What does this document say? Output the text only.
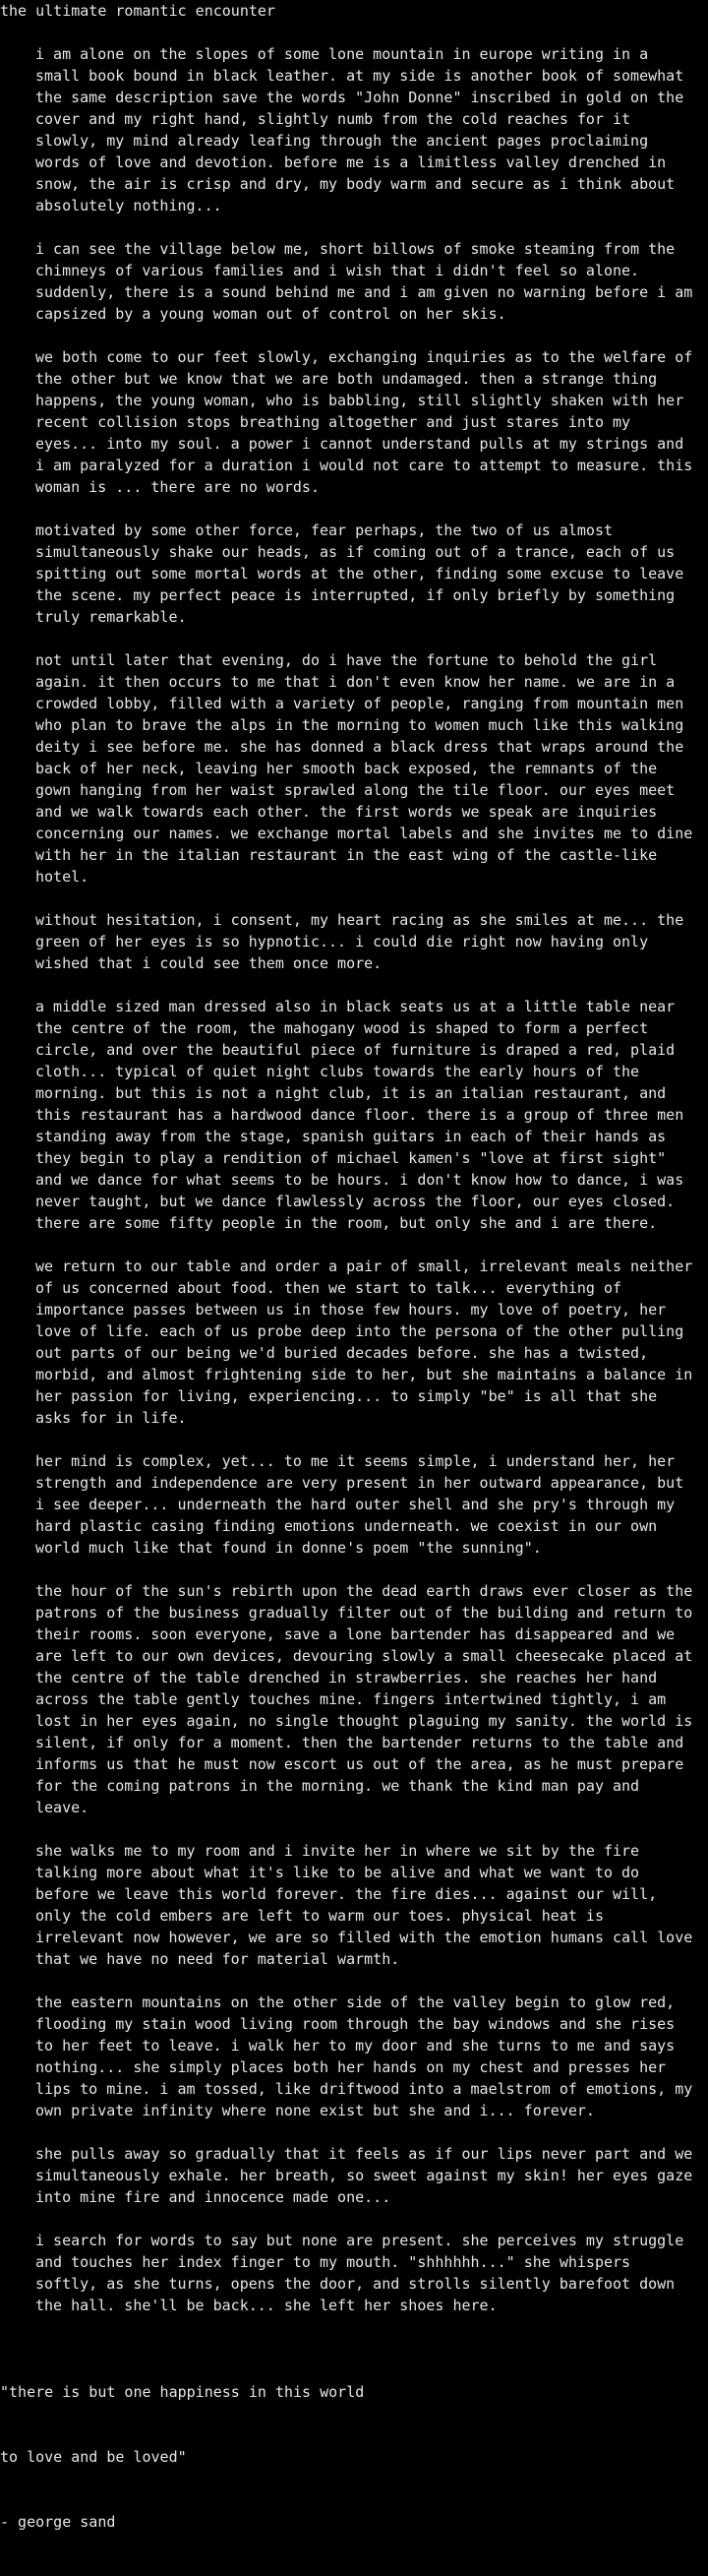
the ultimate romantic encounter

i am alone on the slopes of some lone mountain in europe writing in a small book bound in black leather. at my side is another book of somewhat the same description save the words "John Donne" inscribed in gold on the cover and my right hand, slightly numb from the cold reaches for it slowly, my mind already leafing through the ancient pages proclaiming words of love and devotion. before me is a limitless valley drenched in snow, the air is crisp and dry, my body warm and secure as i think about absolutely nothing...

i can see the village below me, short billows of smoke steaming from the chimneys of various families and i wish that i didn't feel so alone. suddenly, there is a sound behind me and i am given no warning before i am capsized by a young woman out of control on her skis.

we both come to our feet slowly, exchanging inquiries as to the welfare of the other but we know that we are both undamaged. then a strange thing happens, the young woman, who is babbling, still slightly shaken with her recent collision stops breathing altogether and just stares into my eyes... into my soul. a power i cannot understand pulls at my strings and i am paralyzed for a duration i would not care to attempt to measure. this woman is ... there are no words.

motivated by some other force, fear perhaps, the two of us almost simultaneously shake our heads, as if coming out of a trance, each of us spitting out some mortal words at the other, finding some excuse to leave the scene. my perfect peace is interrupted, if only briefly by something truly remarkable.

not until later that evening, do i have the fortune to behold the girl again. it then occurs to me that i don't even know her name. we are in a crowded lobby, filled with a variety of people, ranging from mountain men who plan to brave the alps in the morning to women much like this walking deity i see before me. she has donned a black dress that wraps around the back of her neck, leaving her smooth back exposed, the remnants of the gown hanging from her waist sprawled along the tile floor. our eyes meet and we walk towards each other. the first words we speak are inquiries concerning our names. we exchange mortal labels and she invites me to dine with her in the italian restaurant in the east wing of the castle-like hotel.

without hesitation, i consent, my heart racing as she smiles at me... the green of her eyes is so hypnotic... i could die right now having only wished that i could see them once more.

a middle sized man dressed also in black seats us at a little table near the centre of the room, the mahogany wood is shaped to form a perfect circle, and over the beautiful piece of furniture is draped a red, plaid cloth... typical of quiet night clubs towards the early hours of the morning. but this is not a night club, it is an italian restaurant, and this restaurant has a hardwood dance floor. there is a group of three men standing away from the stage, spanish guitars in each of their hands as they begin to play a rendition of michael kamen's "love at first sight" and we dance for what seems to be hours. i don't know how to dance, i was never taught, but we dance flawlessly across the floor, our eyes closed. there are some fifty people in the room, but only she and i are there.

we return to our table and order a pair of small, irrelevant meals neither of us concerned about food. then we start to talk... everything of importance passes between us in those few hours. my love of poetry, her love of life. each of us probe deep into the persona of the other pulling out parts of our being we'd buried decades before. she has a twisted, morbid, and almost frightening side to her, but she maintains a balance in her passion for living, experiencing... to simply "be" is all that she asks for in life.

her mind is complex, yet... to me it seems simple, i understand her, her strength and independence are very present in her outward appearance, but i see deeper... underneath the hard outer shell and she pry's through my hard plastic casing finding emotions underneath. we coexist in our own world much like that found in donne's poem "the sunning".

the hour of the sun's rebirth upon the dead earth draws ever closer as the patrons of the business gradually filter out of the building and return to their rooms. soon everyone, save a lone bartender has disappeared and we are left to our own devices, devouring slowly a small cheesecake placed at the centre of the table drenched in strawberries. she reaches her hand across the table gently touches mine. fingers intertwined tightly, i am lost in her eyes again, no single thought plaguing my sanity. the world is silent, if only for a moment. then the bartender returns to the table and informs us that he must now escort us out of the area, as he must prepare for the coming patrons in the morning. we thank the kind man pay and leave.

she walks me to my room and i invite her in where we sit by the fire talking more about what it's like to be alive and what we want to do before we leave this world forever. the fire dies... against our will, only the cold embers are left to warm our toes. physical heat is irrelevant now however, we are so filled with the emotion humans call love that we have no need for material warmth.

the eastern mountains on the other side of the valley begin to glow red, flooding my stain wood living room through the bay windows and she rises to her feet to leave. i walk her to my door and she turns to me and says nothing... she simply places both her hands on my chest and presses her lips to mine. i am tossed, like driftwood into a maelstrom of emotions, my own private infinity where none exist but she and i... forever.

she pulls away so gradually that it feels as if our lips never part and we simultaneously exhale. her breath, so sweet against my skin! her eyes gaze into mine fire and innocence made one...

i search for words to say but none are present. she perceives my struggle and touches her index finger to my mouth. "shhhhhh..." she whispers softly, as she turns, opens the door, and strolls silently barefoot down the hall. she'll be back... she left her shoes here.

"there is but one happiness in this world

to love and be loved"

- george sand
